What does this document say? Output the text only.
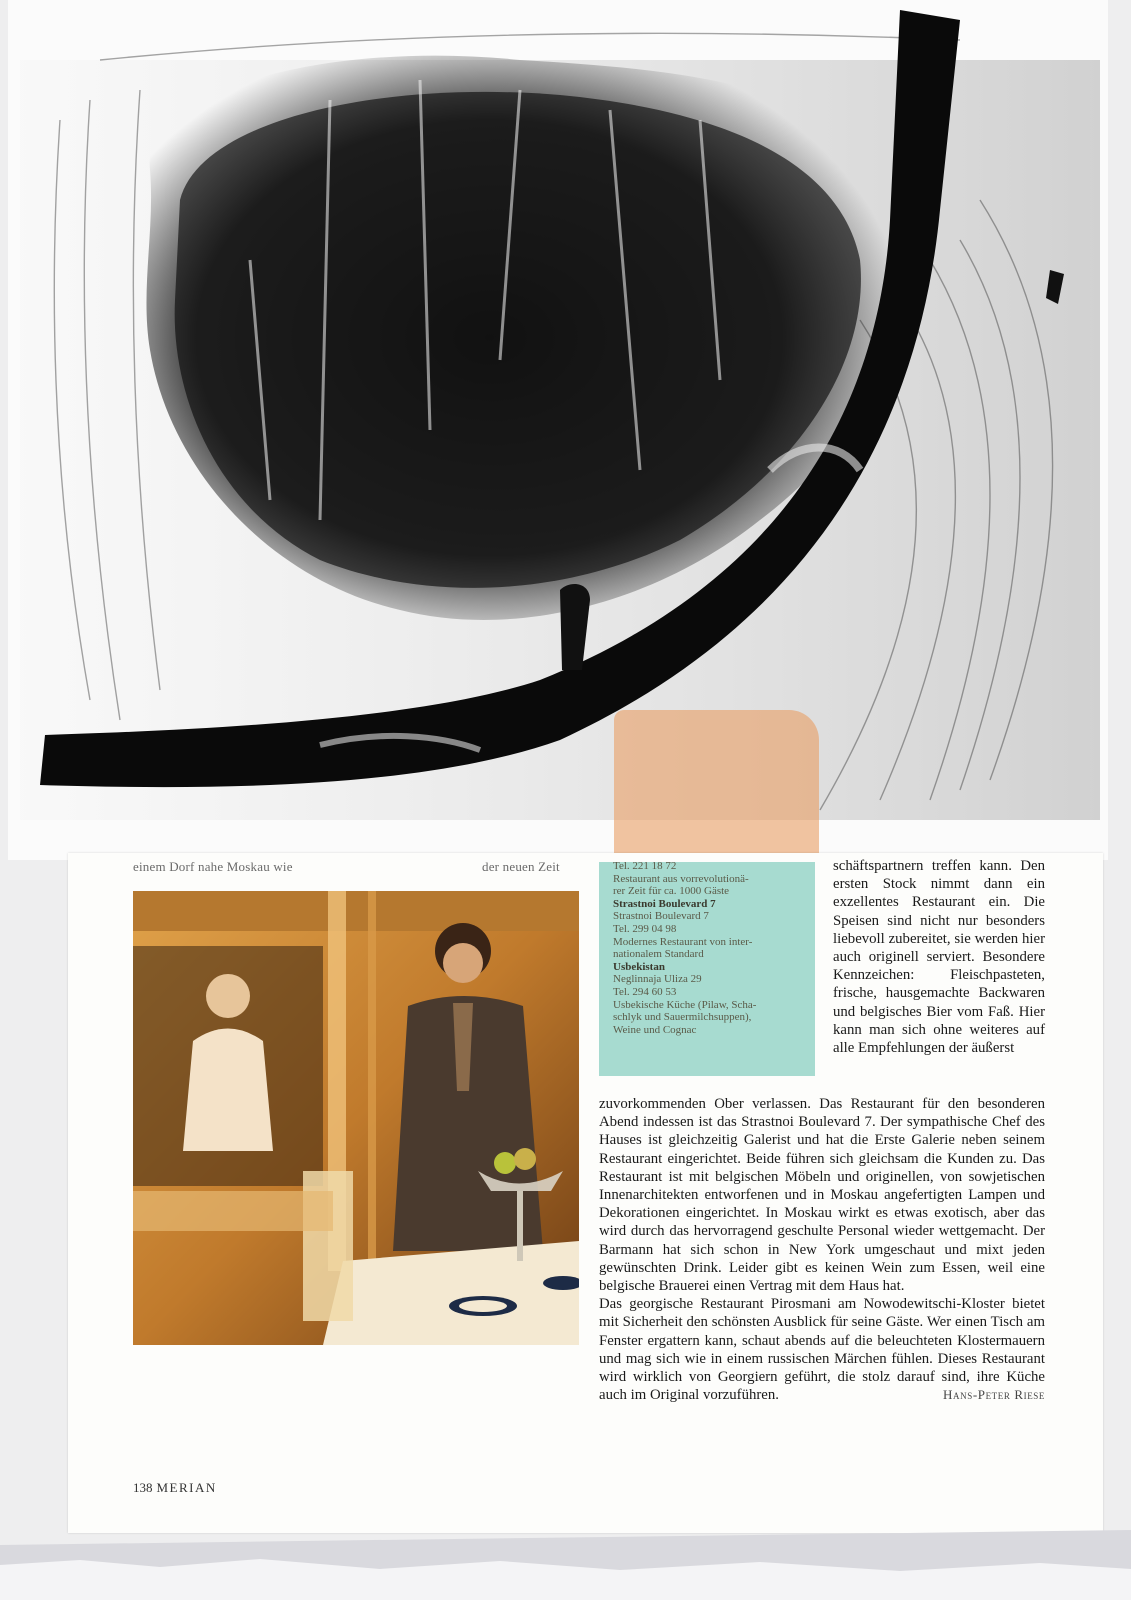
einem Dorf nahe Moskau wie	der neuen Zeit	Tel. 221 18 72
Restaurant aus vorrevolutionä-
rer Zeit für ca. 1000 Gäste
Strastnoi Boulevard 7
Strastnoi Boulevard 7
Tel. 299 04 98
Modernes Restaurant von inter-
nationalem Standard
Usbekistan
Neglinnaja Uliza 29
Tel. 294 60 53
Usbekische Küche (Pilaw, Scha-
schlyk und Sauermilchsuppen),
Weine und Cognac

schäftspartnern treffen kann. Den ersten Stock nimmt dann ein exzellentes Restaurant ein. Die Speisen sind nicht nur besonders liebevoll zubereitet, sie werden hier auch originell serviert. Besondere Kennzeichen: Fleischpasteten, frische, hausgemachte Backwaren und belgisches Bier vom Faß. Hier kann man sich ohne weiteres auf alle Empfehlungen der äußerst

zuvorkommenden Ober verlassen. Das Restaurant für den besonderen Abend indessen ist das Strastnoi Boulevard 7. Der sympathische Chef des Hauses ist gleichzeitig Galerist und hat die Erste Galerie neben seinem Restaurant eingerichtet. Beide führen sich gleichsam die Kunden zu. Das Restaurant ist mit belgischen Möbeln und originellen, von sowjetischen Innenarchitekten entworfenen und in Moskau angefertigten Lampen und Dekorationen eingerichtet. In Moskau wirkt es etwas exotisch, aber das wird durch das hervorragend geschulte Personal wieder wettgemacht. Der Barmann hat sich schon in New York umgeschaut und mixt jeden gewünschten Drink. Leider gibt es keinen Wein zum Essen, weil eine belgische Brauerei einen Vertrag mit dem Haus hat.

Das georgische Restaurant Pirosmani am Nowodewitschi-Kloster bietet mit Sicherheit den schönsten Ausblick für seine Gäste. Wer einen Tisch am Fenster ergattern kann, schaut abends auf die beleuchteten Klostermauern und mag sich wie in einem russischen Märchen fühlen. Dieses Restaurant wird wirklich von Georgiern geführt, die stolz darauf sind, ihre Küche auch im Original vorzuführen.	Hans-Peter Riese

138 MERIAN
